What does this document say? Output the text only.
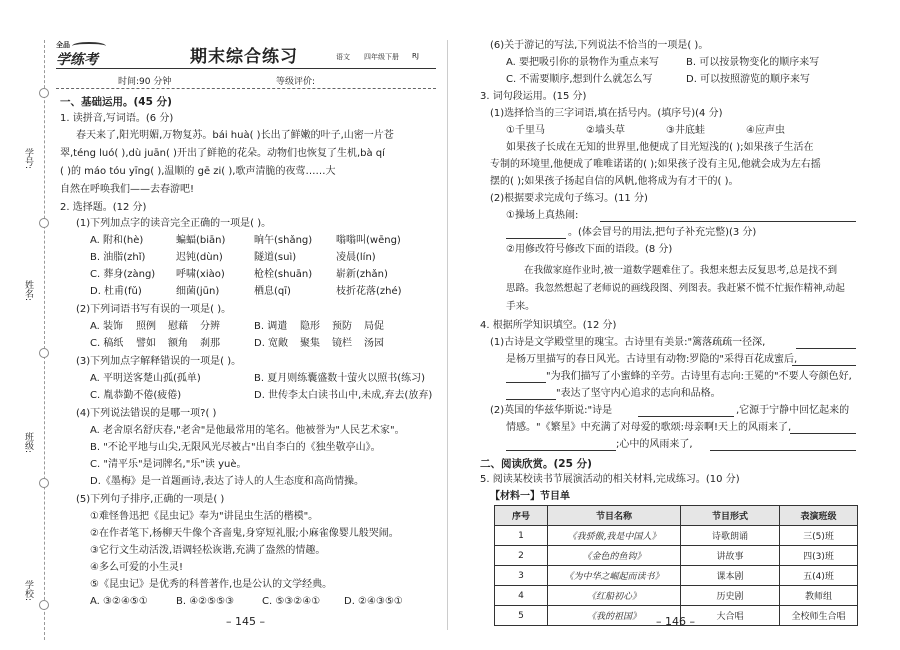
学号:
姓名:
班级:
学校:
全品
学练考	期末综合练习	语文 四年级下册 RJ
时间:90 分钟	等级评价:
一、基础运用。(45 分)
1. 读拼音,写词语。(6 分)
春天来了,阳光明媚,万物复苏。bái huà( )长出了鲜嫩的叶子,山密一片苍
翠,téng luó( ),dù juān( )开出了鲜艳的花朵。动物们也恢复了生机,bà qí
( )的 máo tóu yīng( ),温顺的 gē zi( ),歌声清脆的夜莺……大
自然在呼唤我们——去春游吧!
2. 选择题。(12 分)
(1)下列加点字的读音完全正确的一项是( )。
A. 附和(hè)	蝙蝠(biān)	晌午(shǎng) 嗡嗡叫(wēng)
B. 油脂(zhǐ)	迟钝(dùn)	隧道(suì)	凌晨(lín)
C. 葬身(zàng) 呼啸(xiào)	枪栓(shuān) 崭新(zhǎn)
D. 杜甫(fǔ)	细菌(jūn)	栖息(qī)	枝折花落(zhé)
(2)下列词语书写有误的一项是( )。
A. 装饰 照例 慰藉 分辨	B. 调遣 隐形 预防 局促
C. 稿纸 譬如 额角 刹那	D. 宽敞 聚集 镜栏 汤园
(3)下列加点字解释错误的一项是( )。
A. 平明送客楚山孤(孤单)	B. 夏月则练囊盛数十萤火以照书(练习)
C. 胤恭勤不倦(疲倦)	D. 世传李太白读书山中,未成,弃去(放弃)
(4)下列说法错误的是哪一项?( )
A. 老舍原名舒庆春,"老舍"是他最常用的笔名。他被誉为"人民艺术家"。
B. "不论平地与山尖,无限风光尽被占"出自李白的《独坐敬亭山》。
C. "清平乐"是词牌名,"乐"读 yuè。
D.《墨梅》是一首题画诗,表达了诗人的人生态度和高尚情操。
(5)下列句子排序,正确的一项是( )
①难怪鲁迅把《昆虫记》奉为"讲昆虫生活的楷模"。
②在作者笔下,杨柳天牛像个吝啬鬼,身穿短礼服;小麻雀像婴儿般哭闹。
③它行文生动活泼,语调轻松诙谐,充满了盎然的情趣。
④多么可爱的小生灵!
⑤《昆虫记》是优秀的科普著作,也是公认的文学经典。
A. ③②④⑤①	B. ④②⑤⑤③	C. ⑤③②④① D. ②④③⑤①
– 145 –
(6)关于游记的写法,下列说法不恰当的一项是( )。
A. 要把吸引你的景物作为重点来写	B. 可以按景物变化的顺序来写
C. 不需要顺序,想到什么就怎么写	D. 可以按照游览的顺序来写
3. 词句段运用。(15 分)
(1)选择恰当的三字词语,填在括号内。(填序号)(4 分)
①千里马	②墙头草	③井底蛙	④应声虫
如果孩子长成在无知的世界里,他便成了目光短浅的( );如果孩子生活在
专制的环境里,他便成了唯唯诺诺的( );如果孩子没有主见,他就会成为左右摇
摆的( );如果孩子扬起自信的风帆,他将成为有才干的( )。
(2)根据要求完成句子练习。(11 分)
①操场上真热闹:
。(体会冒号的用法,把句子补充完整)(3 分)
②用修改符号修改下面的语段。(8 分)
在我做家庭作业时,被一道数学题难住了。我想来想去反复思考,总是找不到
思路。我忽然想起了老师说的画线段图、列图表。我赶紧不慌不忙振作精神,动起
手来。
4. 根据所学知识填空。(12 分)
(1)古诗是文学殿堂里的瑰宝。古诗里有美景:"篱落疏疏一径深,
是杨万里描写的春日风光。古诗里有动物:罗隐的"采得百花成蜜后,
"为我们描写了小蜜蜂的辛劳。古诗里有志向:王冕的"不要人夸颜色好,
"表达了坚守内心追求的志向和品格。
(2)英国的华兹华斯说:"诗是	,它源于宁静中回忆起来的
情感。"《繁星》中充满了对母爱的歌颂:母亲啊!天上的风雨来了,
;心中的风雨来了,
二、阅读欣赏。(25 分)
5. 阅读某校读书节展演活动的相关材料,完成练习。(10 分)
【材料一】节目单
序号	节目名称	节目形式	表演班级
1	《我骄傲,我是中国人》	诗歌朗诵	三(5)班
2	《金色的鱼钩》	讲故事	四(3)班
3	《为中华之崛起而读书》	课本剧	五(4)班
4	《红船初心》	历史剧	教师组
5	《我的祖国》	大合唱	全校师生合唱
– 146 –
